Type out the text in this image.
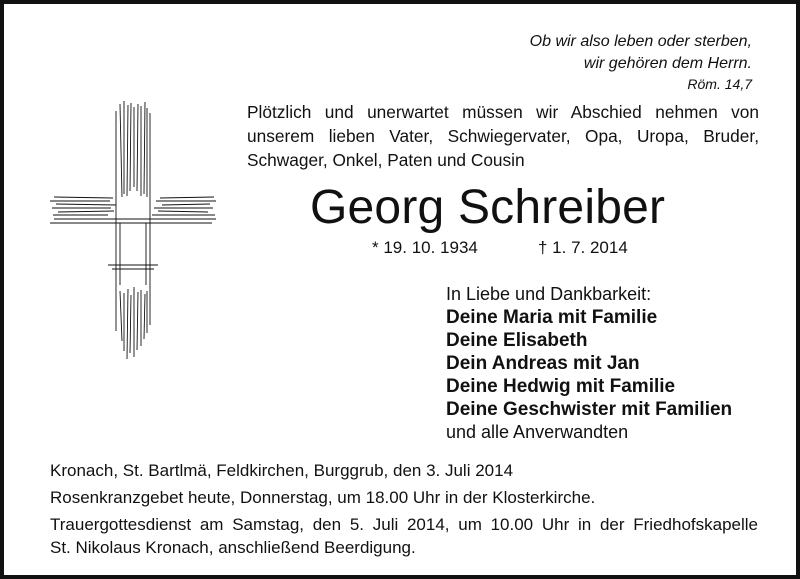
Ob wir also leben oder sterben,
wir gehören dem Herrn.
Röm. 14,7
Plötzlich und unerwartet müssen wir Abschied nehmen von
unserem lieben Vater, Schwiegervater, Opa, Uropa, Bruder,
Schwager, Onkel, Paten und Cousin
Georg Schreiber
* 19. 10. 1934	† 1. 7. 2014
In Liebe und Dankbarkeit:
Deine Maria mit Familie
Deine Elisabeth
Dein Andreas mit Jan
Deine Hedwig mit Familie
Deine Geschwister mit Familien
und alle Anverwandten

Kronach, St. Bartlmä, Feldkirchen, Burggrub, den 3. Juli 2014

Rosenkranzgebet heute, Donnerstag, um 18.00 Uhr in der Klosterkirche.

Trauergottesdienst am Samstag, den 5. Juli 2014, um 10.00 Uhr in der Friedhofskapelle

St. Nikolaus Kronach, anschließend Beerdigung.
